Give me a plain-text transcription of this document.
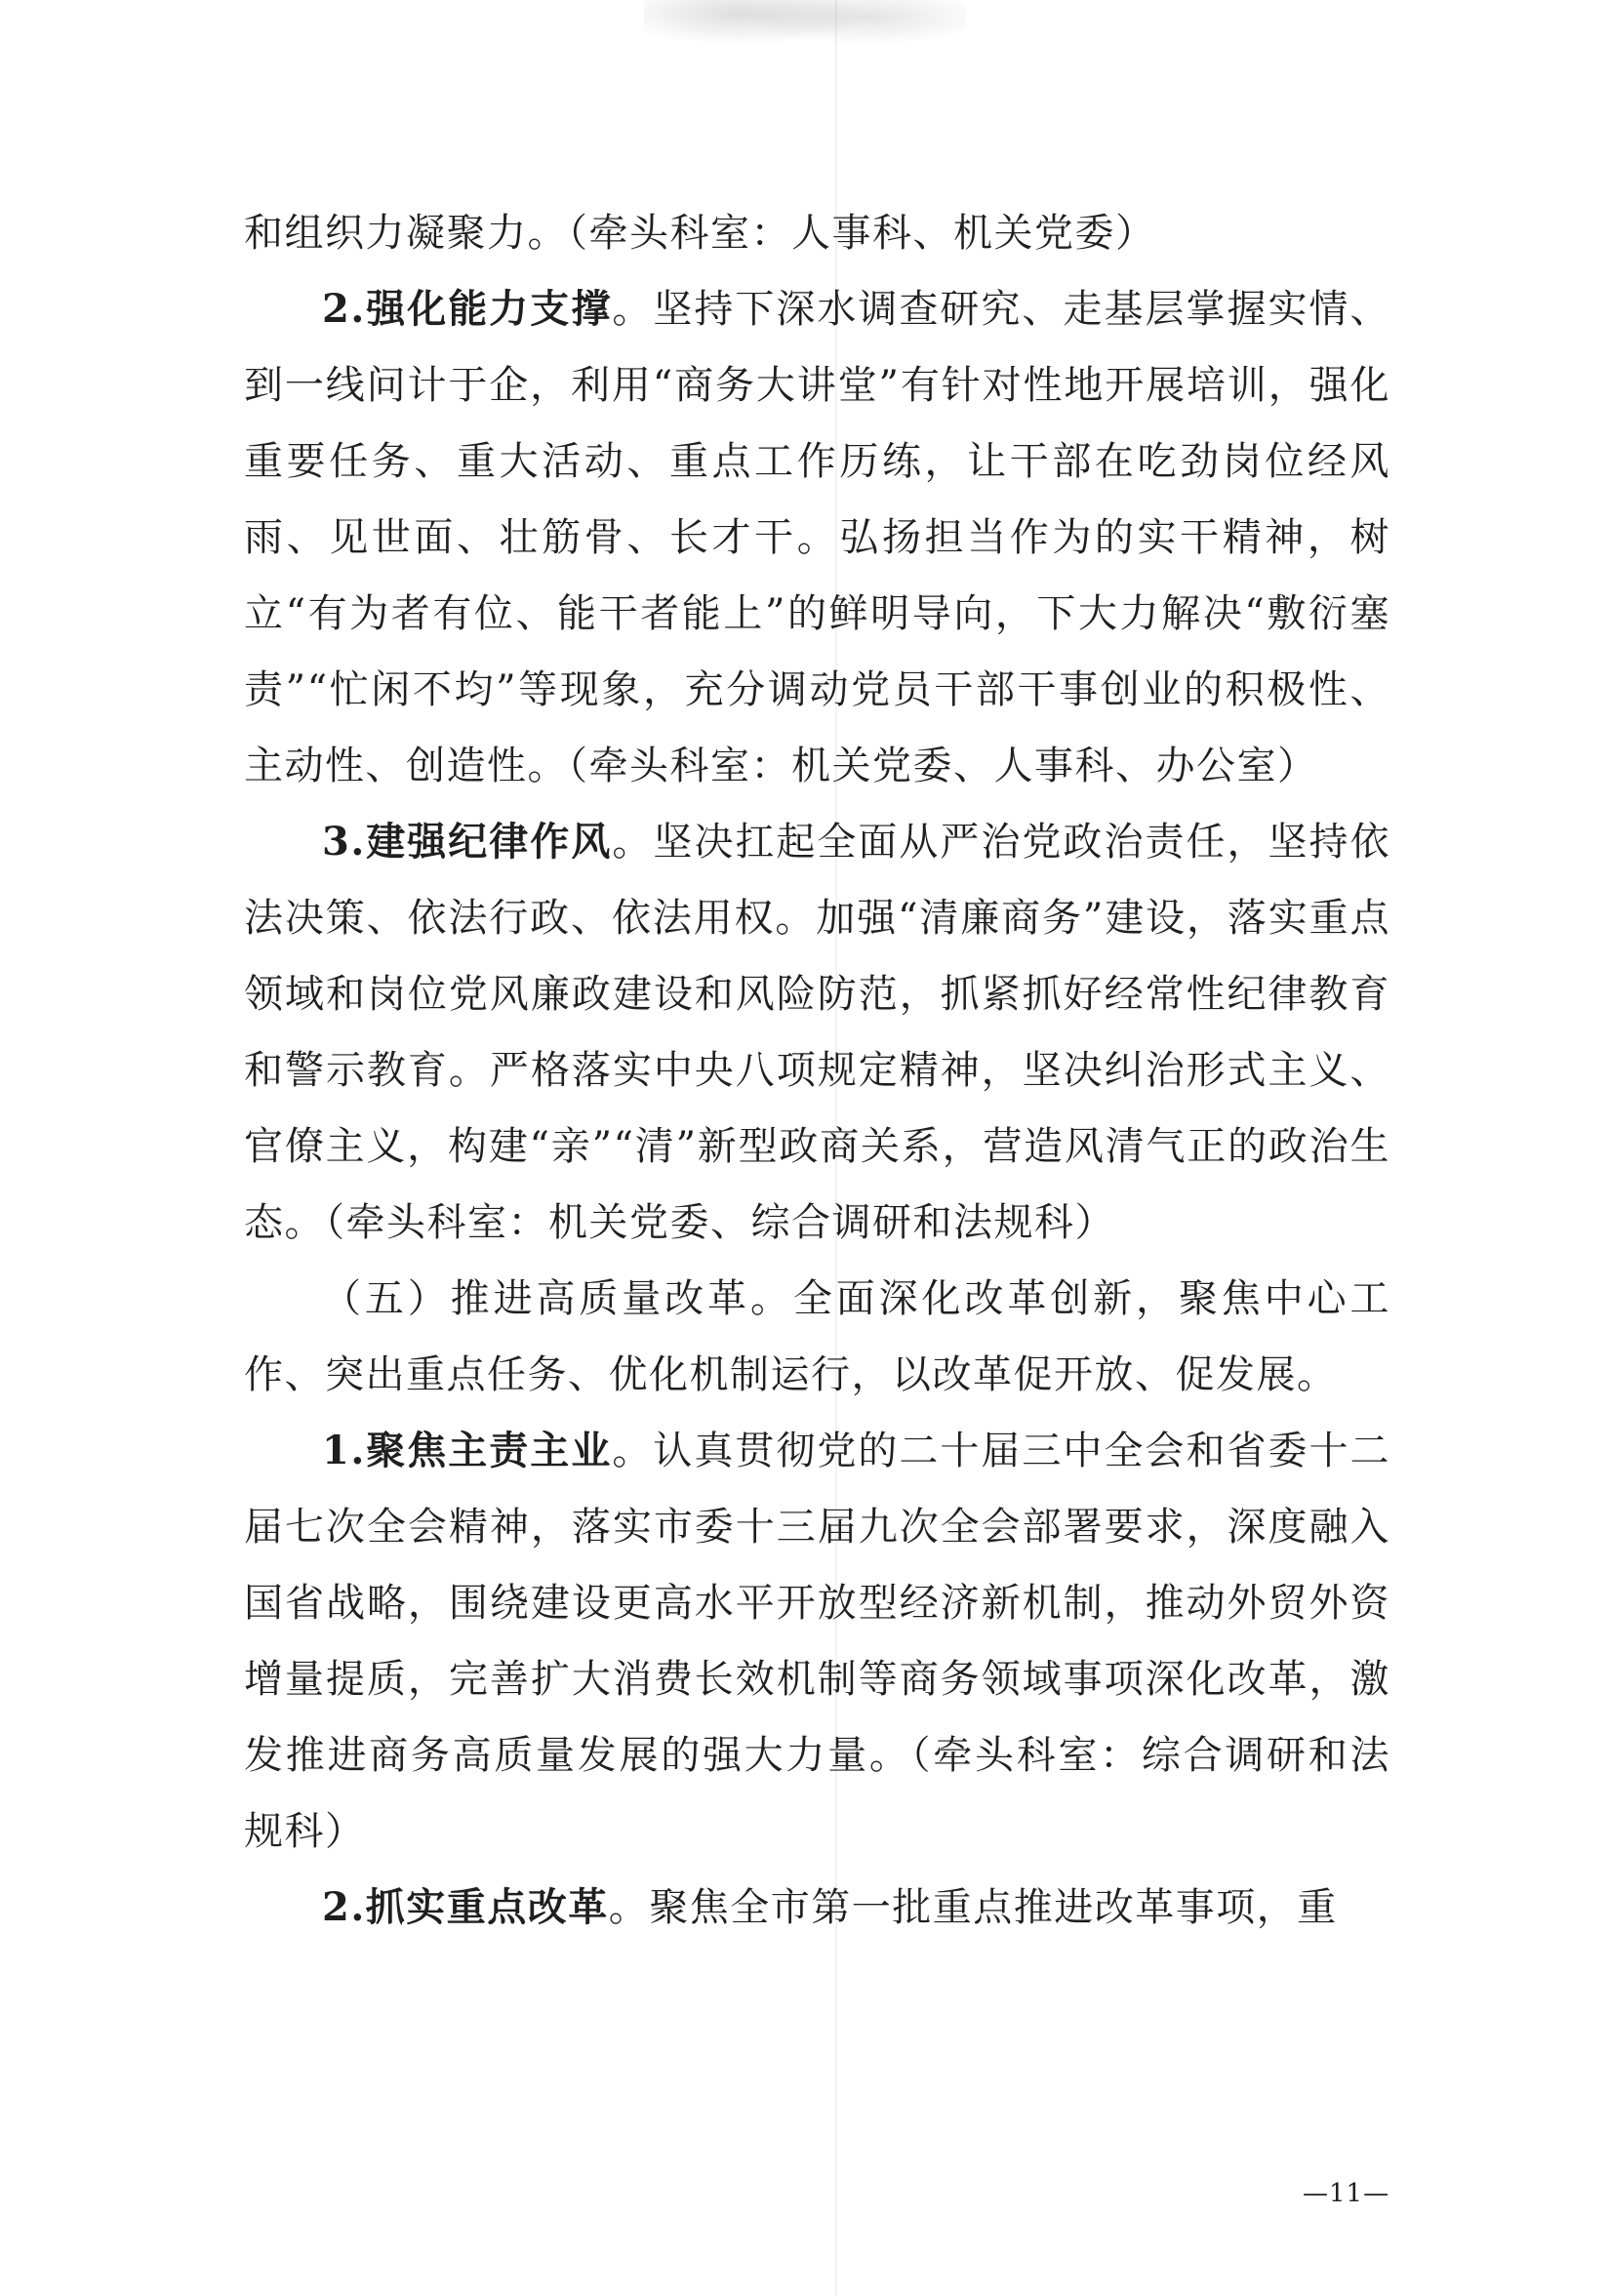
和组织力凝聚力。（牵头科室：人事科、机关党委）

2.强化能力支撑。坚持下深水调查研究、走基层掌握实情、到一线问计于企，利用“商务大讲堂”有针对性地开展培训，强化重要任务、重大活动、重点工作历练，让干部在吃劲岗位经风雨、见世面、壮筋骨、长才干。弘扬担当作为的实干精神，树立“有为者有位、能干者能上”的鲜明导向，下大力解决“敷衍塞责”“忙闲不均”等现象，充分调动党员干部干事创业的积极性、主动性、创造性。（牵头科室：机关党委、人事科、办公室）

3.建强纪律作风。坚决扛起全面从严治党政治责任，坚持依法决策、依法行政、依法用权。加强“清廉商务”建设，落实重点领域和岗位党风廉政建设和风险防范，抓紧抓好经常性纪律教育和警示教育。严格落实中央八项规定精神，坚决纠治形式主义、官僚主义，构建“亲”“清”新型政商关系，营造风清气正的政治生态。（牵头科室：机关党委、综合调研和法规科）

（五）推进高质量改革。全面深化改革创新，聚焦中心工作、突出重点任务、优化机制运行，以改革促开放、促发展。

1.聚焦主责主业。认真贯彻党的二十届三中全会和省委十二届七次全会精神，落实市委十三届九次全会部署要求，深度融入国省战略，围绕建设更高水平开放型经济新机制，推动外贸外资增量提质，完善扩大消费长效机制等商务领域事项深化改革，激发推进商务高质量发展的强大力量。（牵头科室：综合调研和法规科）

2.抓实重点改革。聚焦全市第一批重点推进改革事项，重

—11—
